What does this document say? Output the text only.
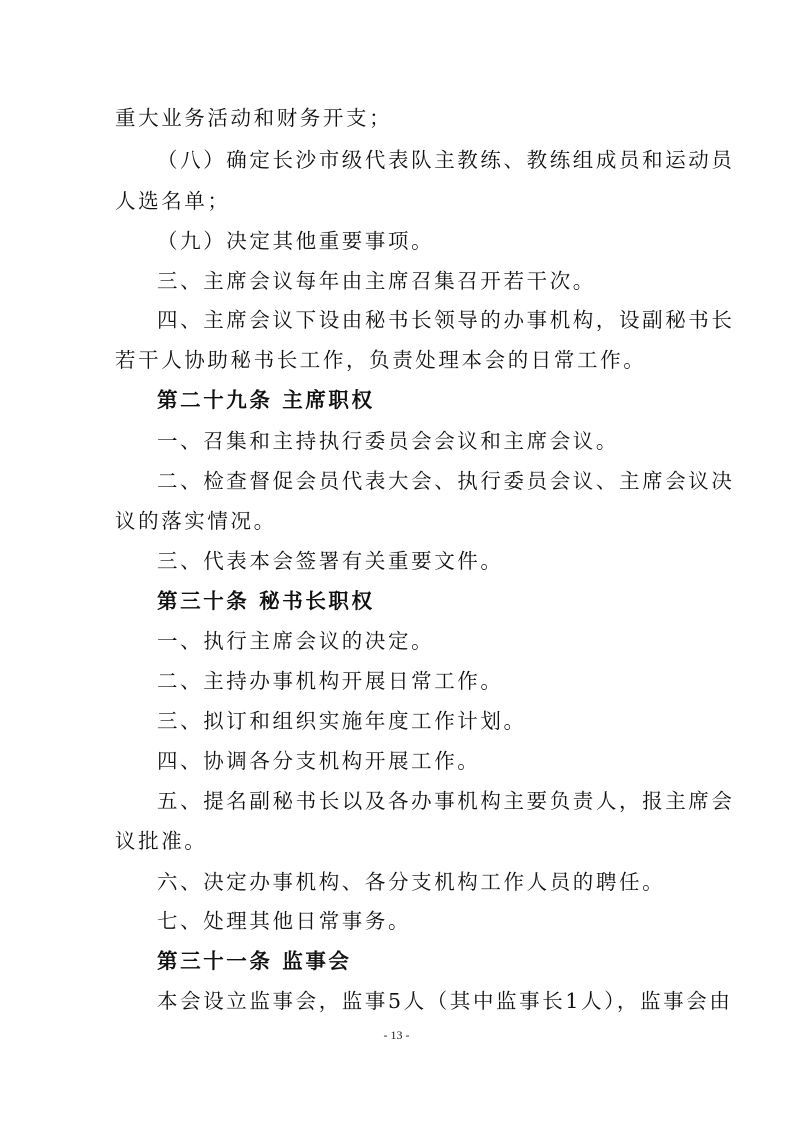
重大业务活动和财务开支；
（八）确定长沙市级代表队主教练、教练组成员和运动员
人选名单；
（九）决定其他重要事项。
三、主席会议每年由主席召集召开若干次。
四、主席会议下设由秘书长领导的办事机构，设副秘书长
若干人协助秘书长工作，负责处理本会的日常工作。
第二十九条 主席职权
一、召集和主持执行委员会会议和主席会议。
二、检查督促会员代表大会、执行委员会议、主席会议决
议的落实情况。
三、代表本会签署有关重要文件。
第三十条 秘书长职权
一、执行主席会议的决定。
二、主持办事机构开展日常工作。
三、拟订和组织实施年度工作计划。
四、协调各分支机构开展工作。
五、提名副秘书长以及各办事机构主要负责人，报主席会
议批准。
六、决定办事机构、各分支机构工作人员的聘任。
七、处理其他日常事务。
第三十一条 监事会
本会设立监事会，监事5人（其中监事长1人），监事会由
- 13 -
